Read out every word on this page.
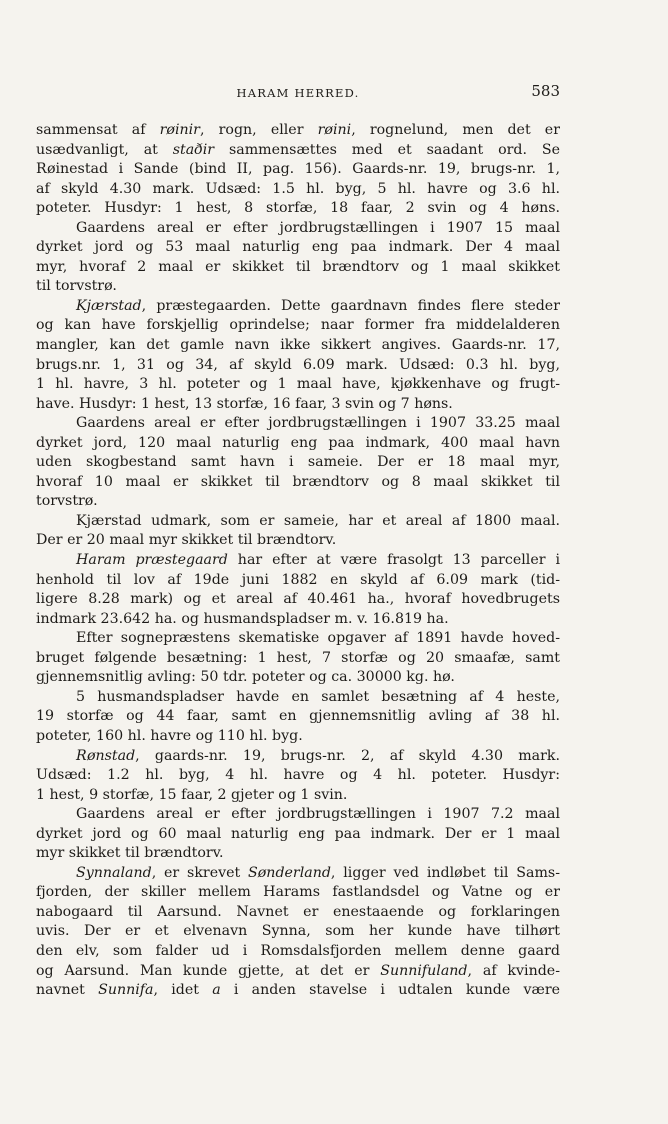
HARAM HERRED.	583
sammensat af røinir, rogn, eller røini, rognelund, men det er
usædvanligt, at staðir sammensættes med et saadant ord. Se
Røinestad i Sande (bind II, pag. 156). Gaards-nr. 19, brugs-nr. 1,
af skyld 4.30 mark. Udsæd: 1.5 hl. byg, 5 hl. havre og 3.6 hl.
poteter. Husdyr: 1 hest, 8 storfæ, 18 faar, 2 svin og 4 høns.
Gaardens areal er efter jordbrugstællingen i 1907 15 maal
dyrket jord og 53 maal naturlig eng paa indmark. Der 4 maal
myr, hvoraf 2 maal er skikket til brændtorv og 1 maal skikket
til torvstrø.
Kjærstad, præstegaarden. Dette gaardnavn findes flere steder
og kan have forskjellig oprindelse; naar former fra middelalderen
mangler, kan det gamle navn ikke sikkert angives. Gaards-nr. 17,
brugs.nr. 1, 31 og 34, af skyld 6.09 mark. Udsæd: 0.3 hl. byg,
1 hl. havre, 3 hl. poteter og 1 maal have, kjøkkenhave og frugt-
have. Husdyr: 1 hest, 13 storfæ, 16 faar, 3 svin og 7 høns.
Gaardens areal er efter jordbrugstællingen i 1907 33.25 maal
dyrket jord, 120 maal naturlig eng paa indmark, 400 maal havn
uden skogbestand samt havn i sameie. Der er 18 maal myr,
hvoraf 10 maal er skikket til brændtorv og 8 maal skikket til
torvstrø.
Kjærstad udmark, som er sameie, har et areal af 1800 maal.
Der er 20 maal myr skikket til brændtorv.
Haram præstegaard har efter at være frasolgt 13 parceller i
henhold til lov af 19de juni 1882 en skyld af 6.09 mark (tid-
ligere 8.28 mark) og et areal af 40.461 ha., hvoraf hovedbrugets
indmark 23.642 ha. og husmandspladser m. v. 16.819 ha.
Efter sognepræstens skematiske opgaver af 1891 havde hoved-
bruget følgende besætning: 1 hest, 7 storfæ og 20 smaafæ, samt
gjennemsnitlig avling: 50 tdr. poteter og ca. 30000 kg. hø.
5 husmandspladser havde en samlet besætning af 4 heste,
19 storfæ og 44 faar, samt en gjennemsnitlig avling af 38 hl.
poteter, 160 hl. havre og 110 hl. byg.
Rønstad, gaards-nr. 19, brugs-nr. 2, af skyld 4.30 mark.
Udsæd: 1.2 hl. byg, 4 hl. havre og 4 hl. poteter. Husdyr:
1 hest, 9 storfæ, 15 faar, 2 gjeter og 1 svin.
Gaardens areal er efter jordbrugstællingen i 1907 7.2 maal
dyrket jord og 60 maal naturlig eng paa indmark. Der er 1 maal
myr skikket til brændtorv.
Synnaland, er skrevet Sønderland, ligger ved indløbet til Sams-
fjorden, der skiller mellem Harams fastlandsdel og Vatne og er
nabogaard til Aarsund. Navnet er enestaaende og forklaringen
uvis. Der er et elvenavn Synna, som her kunde have tilhørt
den elv, som falder ud i Romsdalsfjorden mellem denne gaard
og Aarsund. Man kunde gjette, at det er Sunnifuland, af kvinde-
navnet Sunnifa, idet a i anden stavelse i udtalen kunde være
